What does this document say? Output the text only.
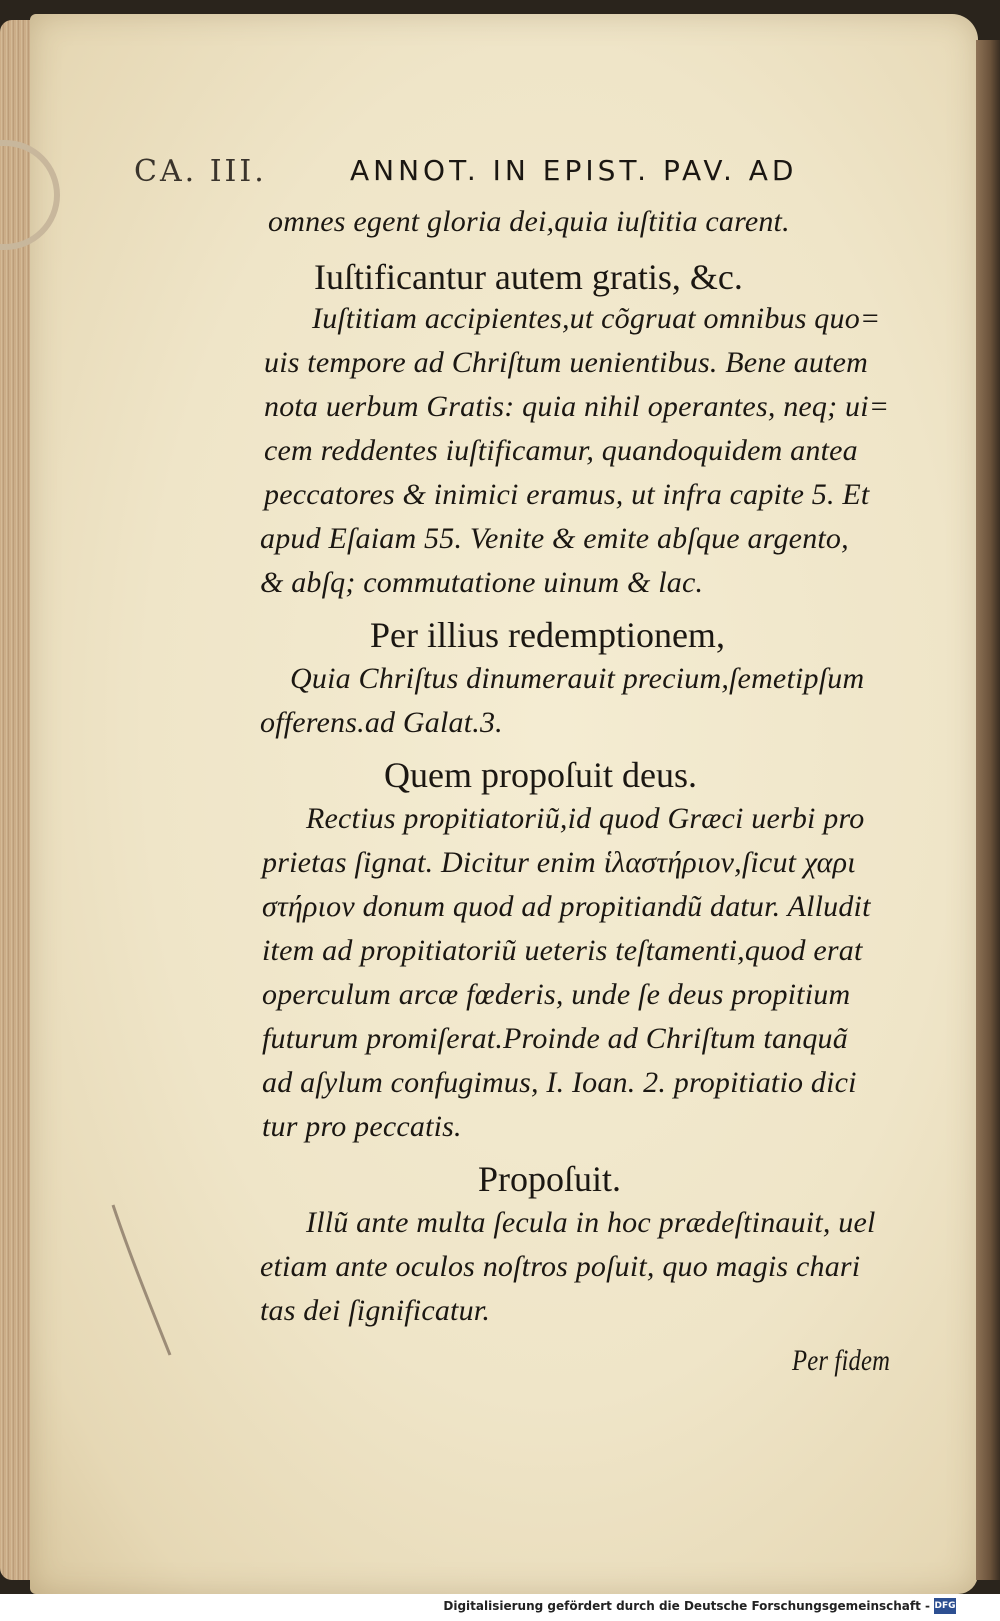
CA. III.	ANNOT. IN EPIST. PAV. AD
omnes egent gloria dei,quia iuſtitia carent.
Iuſtificantur autem gratis, &c.
Iuſtitiam accipientes,ut cõgruat omnibus quo=
uis tempore ad Chriſtum uenientibus. Bene autem
nota uerbum Gratis: quia nihil operantes, neq; ui=
cem reddentes iuſtificamur, quandoquidem antea
peccatores & inimici eramus, ut infra capite 5. Et
apud Eſaiam 55. Venite & emite abſque argento,
& abſq; commutatione uinum & lac.
Per illius redemptionem,
Quia Chriſtus dinumerauit precium,ſemetipſum
offerens.ad Galat.3.
Quem propoſuit deus.
Rectius propitiatoriũ,id quod Græci uerbi pro
prietas ſignat. Dicitur enim ἱλαστήριον,ſicut χαρι
στήριον donum quod ad propitiandũ datur. Alludit
item ad propitiatoriũ ueteris teſtamenti,quod erat
operculum arcæ fœderis, unde ſe deus propitium
futurum promiſerat.Proinde ad Chriſtum tanquã
ad aſylum confugimus, I. Ioan. 2. propitiatio dici
tur pro peccatis.
Propoſuit.
Illũ ante multa ſecula in hoc prædeſtinauit, uel
etiam ante oculos noſtros poſuit, quo magis chari
tas dei ſignificatur.
Per fidem
Digitalisierung gefördert durch die Deutsche Forschungsgemeinschaft - DFG
